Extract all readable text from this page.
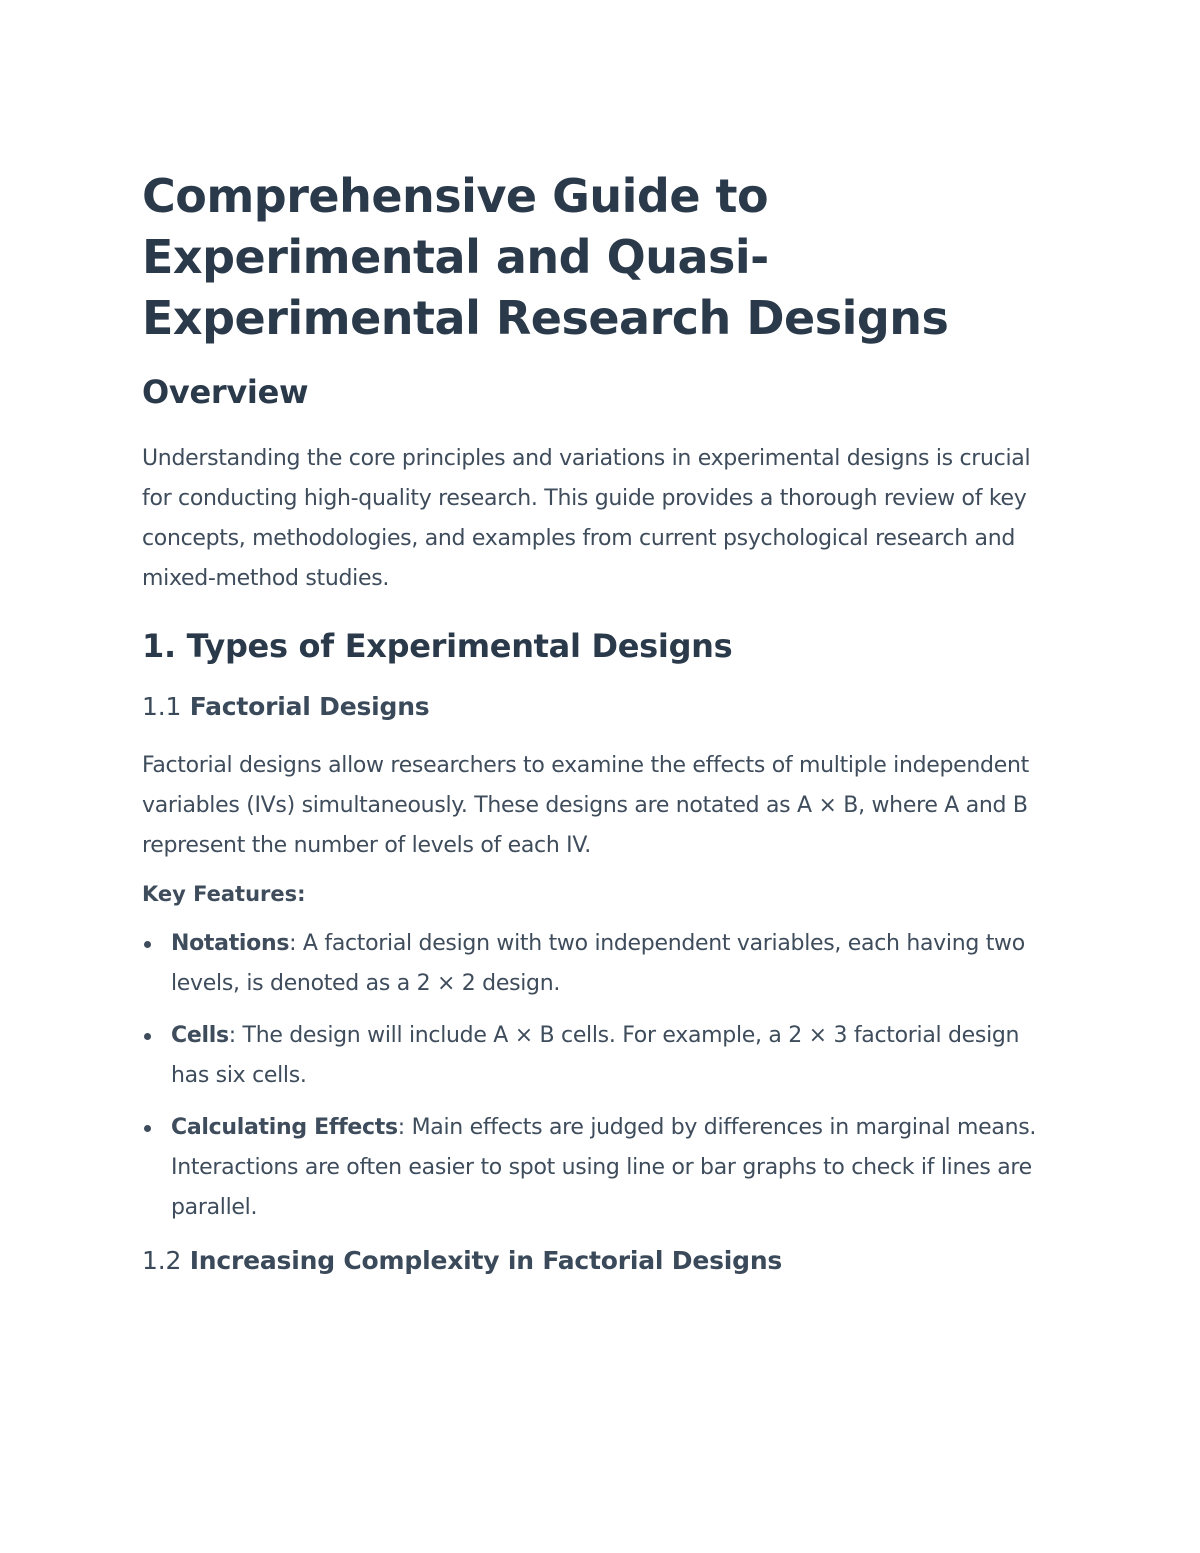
Comprehensive Guide to Experimental and Quasi-Experimental Research Designs
Overview

Understanding the core principles and variations in experimental designs is crucial for conducting high-quality research. This guide provides a thorough review of key concepts, methodologies, and examples from current psychological research and mixed-method studies.

1. Types of Experimental Designs
1.1 Factorial Designs

Factorial designs allow researchers to examine the effects of multiple independent variables (IVs) simultaneously. These designs are notated as A × B, where A and B represent the number of levels of each IV.

Key Features:
Notations: A factorial design with two independent variables, each having two levels, is denoted as a 2 × 2 design.
Cells: The design will include A × B cells. For example, a 2 × 3 factorial design has six cells.
Calculating Effects: Main effects are judged by differences in marginal means. Interactions are often easier to spot using line or bar graphs to check if lines are parallel.
1.2 Increasing Complexity in Factorial Designs
